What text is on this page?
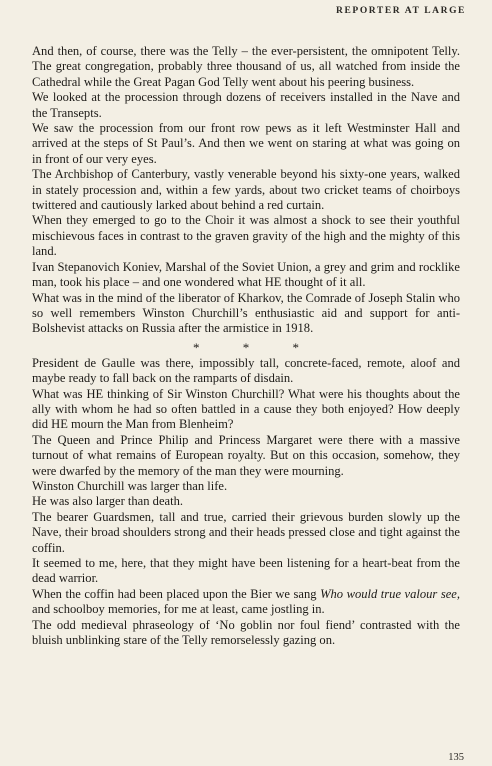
REPORTER AT LARGE

And then, of course, there was the Telly – the ever-persistent, the omnipotent Telly. The great congregation, probably three thousand of us, all watched from inside the Cathedral while the Great Pagan God Telly went about his peering business.

We looked at the procession through dozens of receivers installed in the Nave and the Transepts.

We saw the procession from our front row pews as it left Westminster Hall and arrived at the steps of St Paul’s. And then we went on staring at what was going on in front of our very eyes.

The Archbishop of Canterbury, vastly venerable beyond his sixty-one years, walked in stately procession and, within a few yards, about two cricket teams of choirboys twittered and cautiously larked about behind a red curtain.

When they emerged to go to the Choir it was almost a shock to see their youthful mischievous faces in contrast to the graven gravity of the high and the mighty of this land.

Ivan Stepanovich Koniev, Marshal of the Soviet Union, a grey and grim and rocklike man, took his place – and one wondered what HE thought of it all.

What was in the mind of the liberator of Kharkov, the Comrade of Joseph Stalin who so well remembers Winston Churchill’s enthusiastic aid and support for anti-Bolshevist attacks on Russia after the armistice in 1918.

* * *

President de Gaulle was there, impossibly tall, concrete-faced, remote, aloof and maybe ready to fall back on the ramparts of disdain.

What was HE thinking of Sir Winston Churchill? What were his thoughts about the ally with whom he had so often battled in a cause they both enjoyed? How deeply did HE mourn the Man from Blenheim?

The Queen and Prince Philip and Princess Margaret were there with a massive turnout of what remains of European royalty. But on this occasion, somehow, they were dwarfed by the memory of the man they were mourning.

Winston Churchill was larger than life.

He was also larger than death.

The bearer Guardsmen, tall and true, carried their grievous burden slowly up the Nave, their broad shoulders strong and their heads pressed close and tight against the coffin.

It seemed to me, here, that they might have been listening for a heart-beat from the dead warrior.

When the coffin had been placed upon the Bier we sang Who would true valour see, and schoolboy memories, for me at least, came jostling in.

The odd medieval phraseology of ‘No goblin nor foul fiend’ contrasted with the bluish unblinking stare of the Telly remorselessly gazing on.

135
